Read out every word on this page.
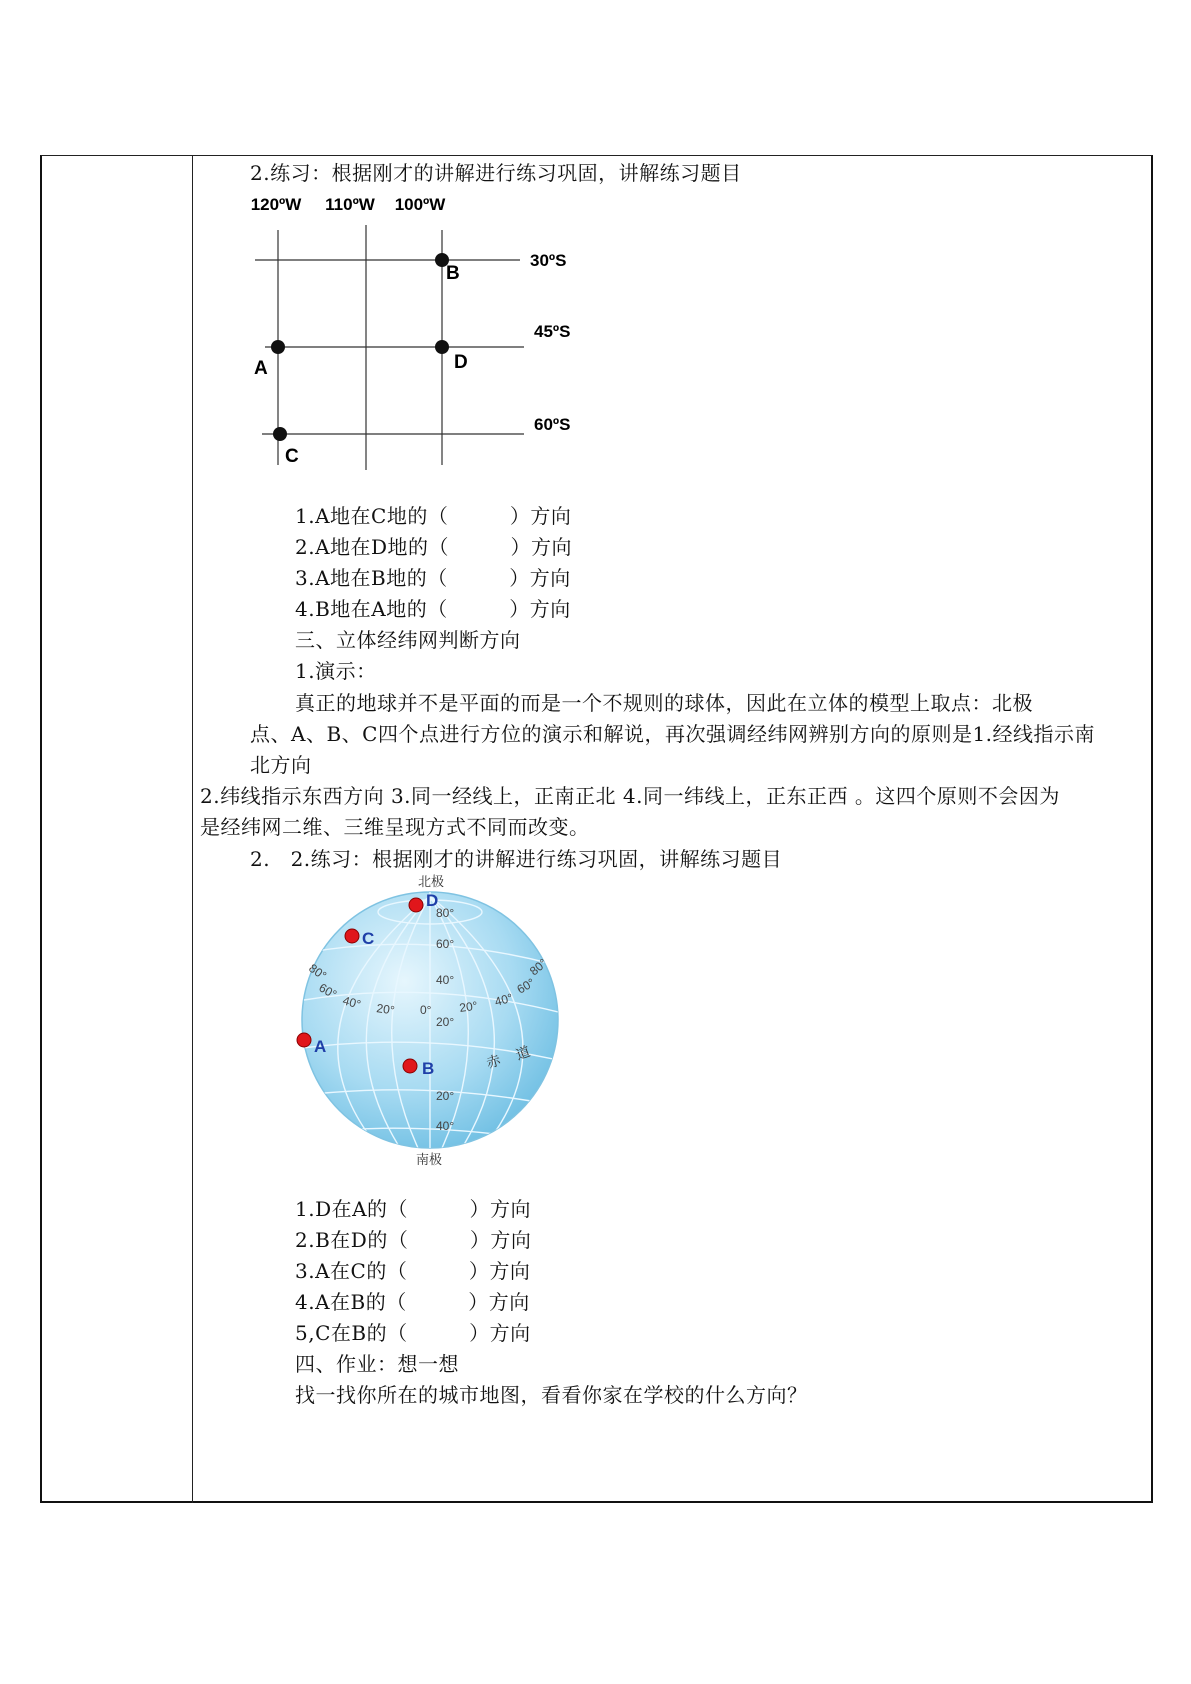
2.练习：根据刚才的讲解进行练习巩固，讲解练习题目
120ºW 110ºW 100ºW
30ºS
45ºS
60ºS
B
A	D
C
1.A地在C地的（　　　）方向
2.A地在D地的（　　　）方向
3.A地在B地的（　　　）方向
4.B地在A地的（　　　）方向
三、立体经纬网判断方向
1.演示：
真正的地球并不是平面的而是一个不规则的球体，因此在立体的模型上取点：北极
点、A、B、C四个点进行方位的演示和解说，再次强调经纬网辨别方向的原则是1.经线指示南
北方向
2.纬线指示东西方向 3.同一经线上，正南正北 4.同一纬线上，正东正西 。这四个原则不会因为
是经纬网二维、三维呈现方式不同而改变。
2.　2.练习：根据刚才的讲解进行练习巩固，讲解练习题目
北极
80°
60°
40°
20°
20°
40°
80°
60°
40° 20° 0° 20° 40°
60°
80°
赤 道
D
C
A
B
南极
1.D在A的（　　　）方向
2.B在D的（　　　）方向
3.A在C的（　　　）方向
4.A在B的（　　　）方向
5,C在B的（　　　）方向
四、作业：想一想
找一找你所在的城市地图，看看你家在学校的什么方向？
